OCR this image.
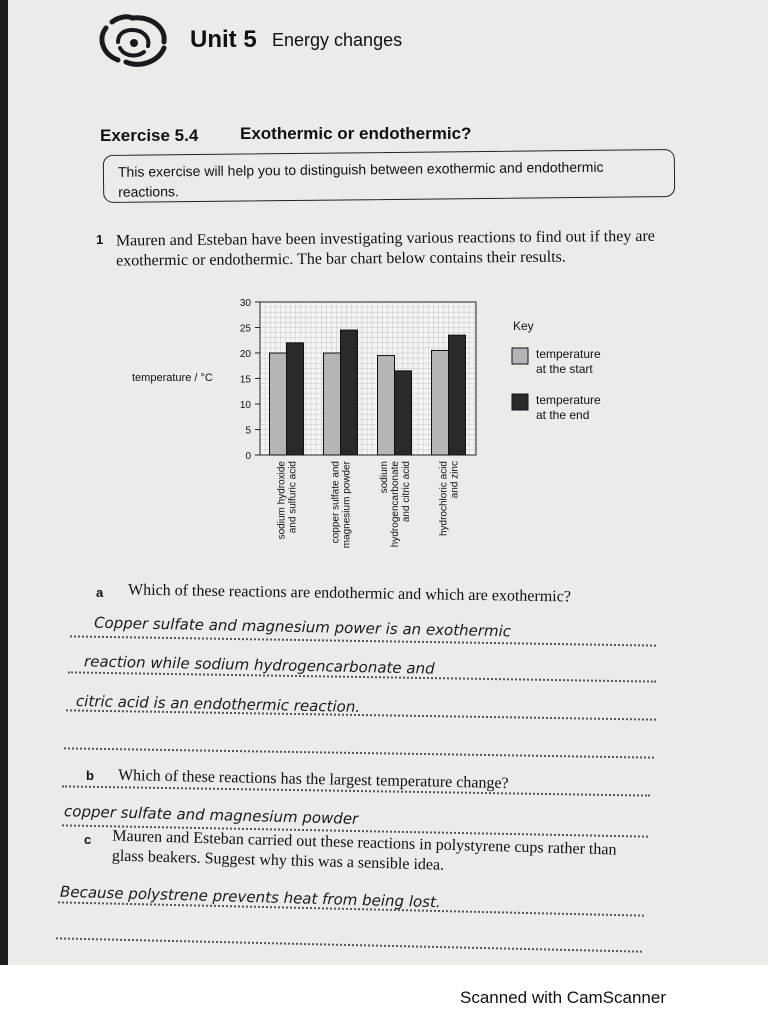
Unit 5 Energy changes
Exercise 5.4 Exothermic or endothermic?
This exercise will help you to distinguish between exothermic and endothermic reactions.
1 Mauren and Esteban have been investigating various reactions to find out if they are exothermic or endothermic. The bar chart below contains their results.
0
5
10
15
20
25
30
temperature / °C
sodium hydroxide and sulfuric acid	copper sulfate and magnesium powder	sodium hydrogencarbonate and citric acid	hydrochloric acid and zinc
Key
temperature
at the start
temperature
at the end
a Which of these reactions are endothermic and which are exothermic?
Copper sulfate and magnesium power is an exothermic
reaction while sodium hydrogencarbonate and
citric acid is an endothermic reaction.
b Which of these reactions has the largest temperature change?
copper sulfate and magnesium powder
c Mauren and Esteban carried out these reactions in polystyrene cups rather than glass beakers. Suggest why this was a sensible idea.
Because polystrene prevents heat from being lost.
Scanned with CamScanner
